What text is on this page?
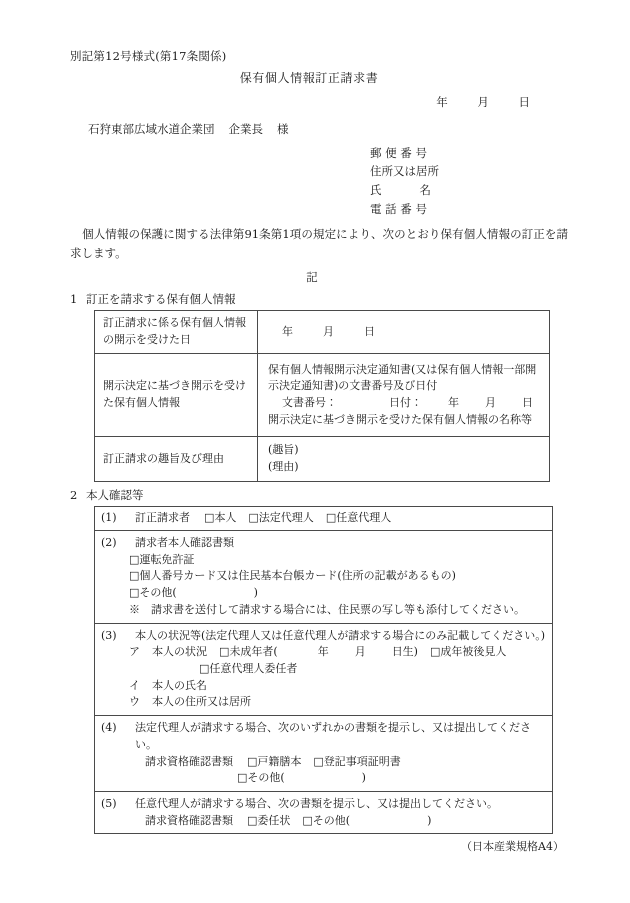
別記第12号様式(第17条関係)
保有個人情報訂正請求書
年	月	日
石狩東部広域水道企業団 企業長 様
郵 便 番 号
住所又は居所
氏	名
電 話 番 号
個人情報の保護に関する法律第91条第1項の規定により、次のとおり保有個人情報の訂正を請求します。
記
1 訂正を請求する保有個人情報
訂正請求に係る保有個人情報の開示を受けた日	年 月 日
開示決定に基づき開示を受けた保有個人情報	保有個人情報開示決定通知書(又は保有個人情報一部開示決定通知書)の文書番号及び日付
文書番号： 日付： 年 月 日
開示決定に基づき開示を受けた保有個人情報の名称等

訂正請求の趣旨及び理由	(趣旨)
(理由)
2 本人確認等
(1) 訂正請求者 □本人 □法定代理人 □任意代理人

(2) 請求者本人確認書類
□運転免許証
□個人番号カード又は住民基本台帳カード(住所の記載があるもの)
□その他(　　　　　　　)
※　請求書を送付して請求する場合には、住民票の写し等も添付してください。

(3) 本人の状況等(法定代理人又は任意代理人が請求する場合にのみ記載してください。)
ア 本人の状況 □未成年者(	年 月 日生) □成年被後見人
□任意代理人委任者
イ 本人の氏名
ウ 本人の住所又は居所

(4) 法定代理人が請求する場合、次のいずれかの書類を提示し、又は提出してください。
請求資格確認書類 □戸籍膳本 □登記事項証明書
□その他(　　　　　　　)

(5) 任意代理人が請求する場合、次の書類を提示し、又は提出してください。
請求資格確認書類 □委任状 □その他(　　　　　　　)
（日本産業規格A4）
